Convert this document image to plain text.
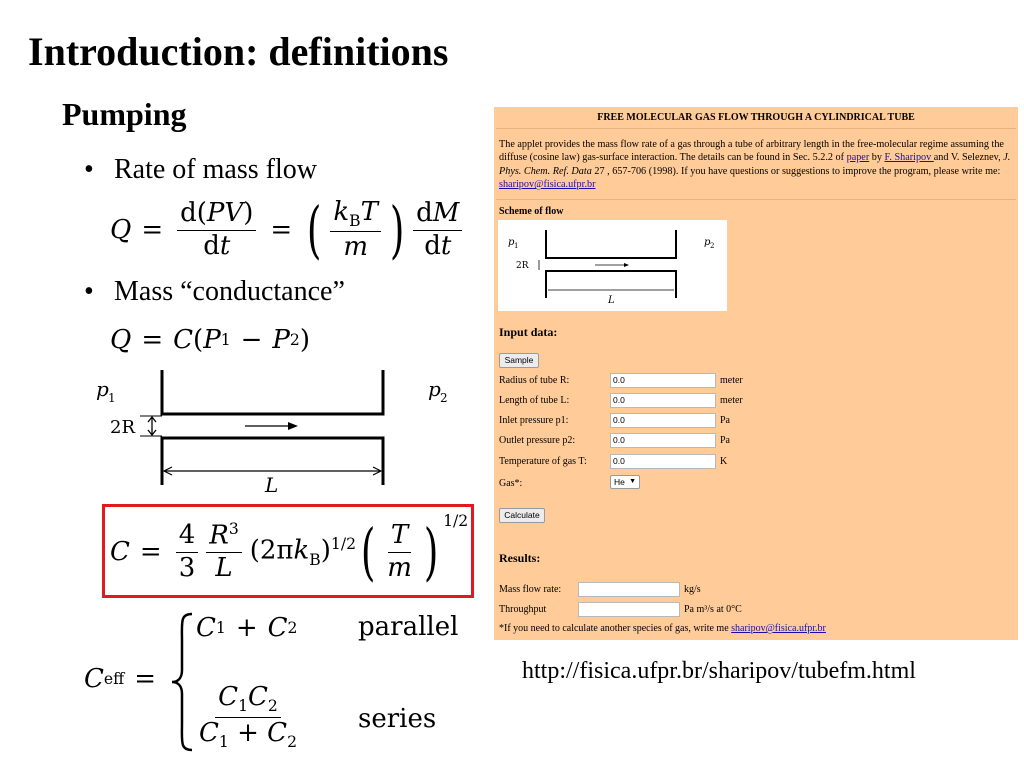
Introduction: definitions
Pumping
• Rate of mass flow
$Q = \frac{d(PV)}{dt}$ = ( $\frac{k_BT}{m}$ ) $\frac{dM}{dt}$
• Mass “conductance”
Q = C ( P 1 − P 2 )
p 1	p 2
2R
L
$C = \frac{4}{3} \frac{R^3}{L} (2\pi k_B)^{1/2}$ ( $\frac{T}{m}$ ) $^{1/2}$
C eff =
C 1 + C 2 parallel
$\frac{C_1C_2}{C_1 + C_2}$ series
FREE MOLECULAR GAS FLOW THROUGH A CYLINDRICAL TUBE
The applet provides the mass flow rate of a gas through a tube of arbitrary length in the free-molecular regime assuming the diffuse (cosine law) gas-surface interaction. The details can be found in Sec. 5.2.2 of paper by F. Sharipov and V. Seleznev, J. Phys. Chem. Ref. Data 27 , 657-706 (1998). If you have questions or suggestions to improve the program, please write me: sharipov@fisica.ufpr.br
Scheme of flow
p 1	p 2
2R
L
Input data:
Sample
Radius of tube R:	0.0	meter
Length of tube L:	0.0	meter
Inlet pressure p1:	0.0	Pa
Outlet pressure p2:	0.0	Pa
Temperature of gas T:	0.0	K
Gas*:	He ▼
Calculate
Results:
Mass flow rate:	kg/s
Throughput	Pa m³/s at 0°C
*If you need to calculate another species of gas, write me sharipov@fisica.ufpr.br
http://fisica.ufpr.br/sharipov/tubefm.html
